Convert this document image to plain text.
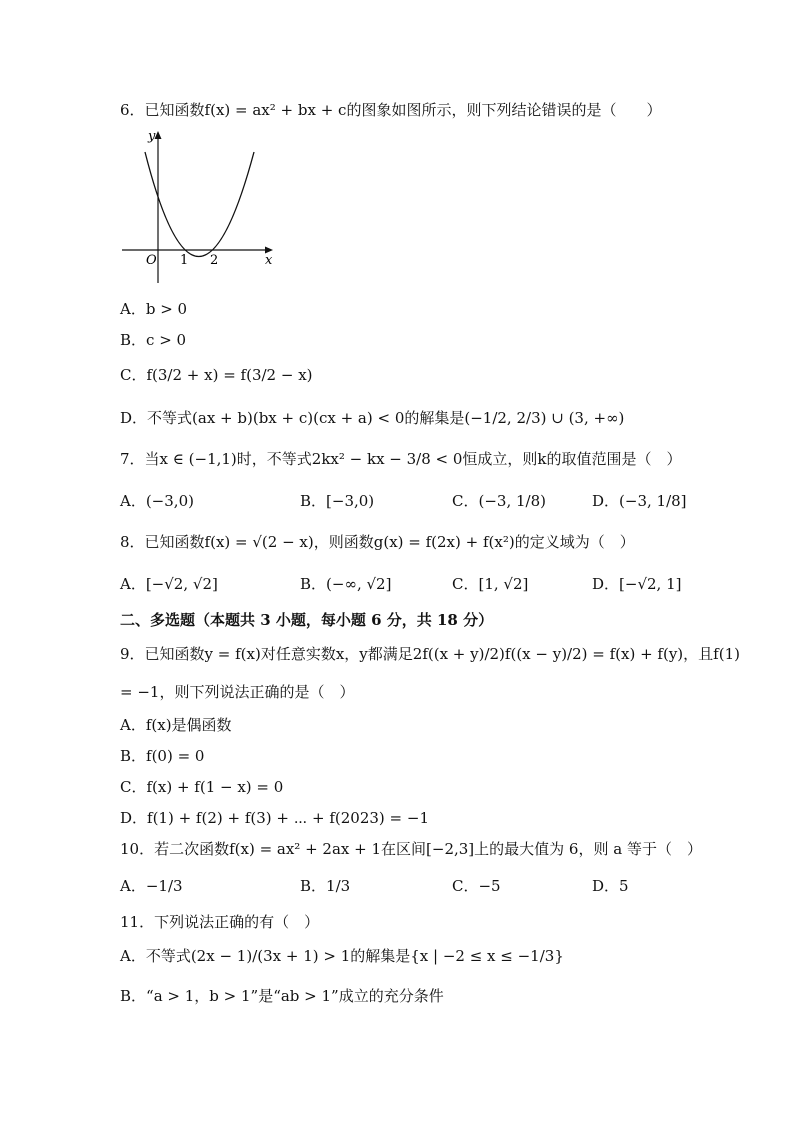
6．已知函数f(x) = ax² + bx + c的图象如图所示，则下列结论错误的是（　　）
y
x
O 1 2
A．b > 0
B．c > 0
C．f(3/2 + x) = f(3/2 − x)
D．不等式(ax + b)(bx + c)(cx + a) < 0的解集是(−1/2, 2/3) ∪ (3, +∞)
7．当x ∈ (−1,1)时，不等式2kx² − kx − 3/8 < 0恒成立，则k的取值范围是（　）
A．(−3,0)	B．[−3,0)	C．(−3, 1/8)	D．(−3, 1/8]
8．已知函数f(x) = √(2 − x)，则函数g(x) = f(2x) + f(x²)的定义域为（　）
A．[−√2, √2]	B．(−∞, √2]	C．[1, √2]	D．[−√2, 1]
二、多选题（本题共 3 小题，每小题 6 分，共 18 分）
9．已知函数y = f(x)对任意实数x，y都满足2f((x + y)/2)f((x − y)/2) = f(x) + f(y)，且f(1)
= −1，则下列说法正确的是（　）
A．f(x)是偶函数
B．f(0) = 0
C．f(x) + f(1 − x) = 0
D．f(1) + f(2) + f(3) + ⋯ + f(2023) = −1
10．若二次函数f(x) = ax² + 2ax + 1在区间[−2,3]上的最大值为 6，则 a 等于（　）
A．−1/3	B．1/3	C．−5	D．5
11．下列说法正确的有（　）
A．不等式(2x − 1)/(3x + 1) > 1的解集是{x | −2 ≤ x ≤ −1/3}
B．“a > 1，b > 1”是“ab > 1”成立的充分条件
